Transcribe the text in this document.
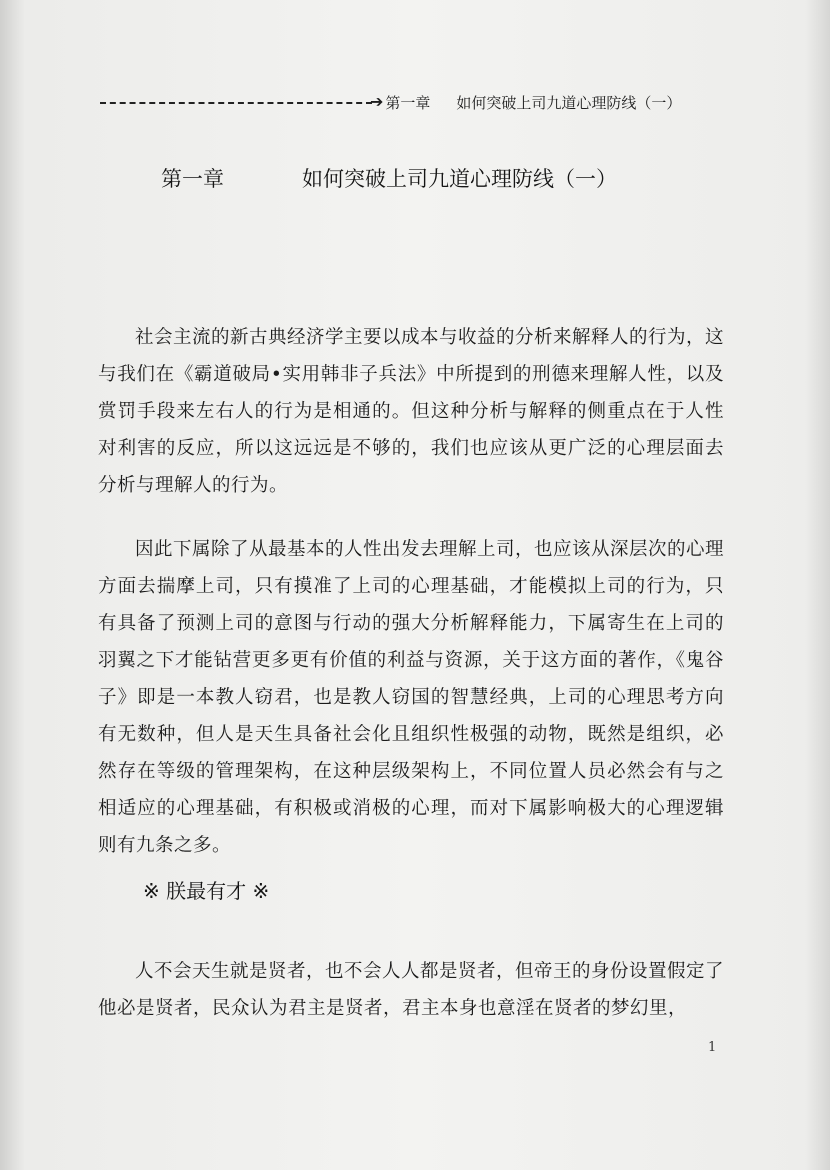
➔ 第一章 如何突破上司九道心理防线（一）
第一章	如何突破上司九道心理防线（一）

社会主流的新古典经济学主要以成本与收益的分析来解释人的行为，这与我们在《霸道破局•实用韩非子兵法》中所提到的刑德来理解人性，以及赏罚手段来左右人的行为是相通的。但这种分析与解释的侧重点在于人性对利害的反应，所以这远远是不够的，我们也应该从更广泛的心理层面去分析与理解人的行为。

因此下属除了从最基本的人性出发去理解上司，也应该从深层次的心理方面去揣摩上司，只有摸准了上司的心理基础，才能模拟上司的行为，只有具备了预测上司的意图与行动的强大分析解释能力，下属寄生在上司的羽翼之下才能钻营更多更有价值的利益与资源，关于这方面的著作，《鬼谷子》即是一本教人窃君，也是教人窃国的智慧经典，上司的心理思考方向有无数种，但人是天生具备社会化且组织性极强的动物，既然是组织，必然存在等级的管理架构，在这种层级架构上，不同位置人员必然会有与之相适应的心理基础，有积极或消极的心理，而对下属影响极大的心理逻辑则有九条之多。

※ 朕最有才 ※

人不会天生就是贤者，也不会人人都是贤者，但帝王的身份设置假定了他必是贤者，民众认为君主是贤者，君主本身也意淫在贤者的梦幻里，

1
